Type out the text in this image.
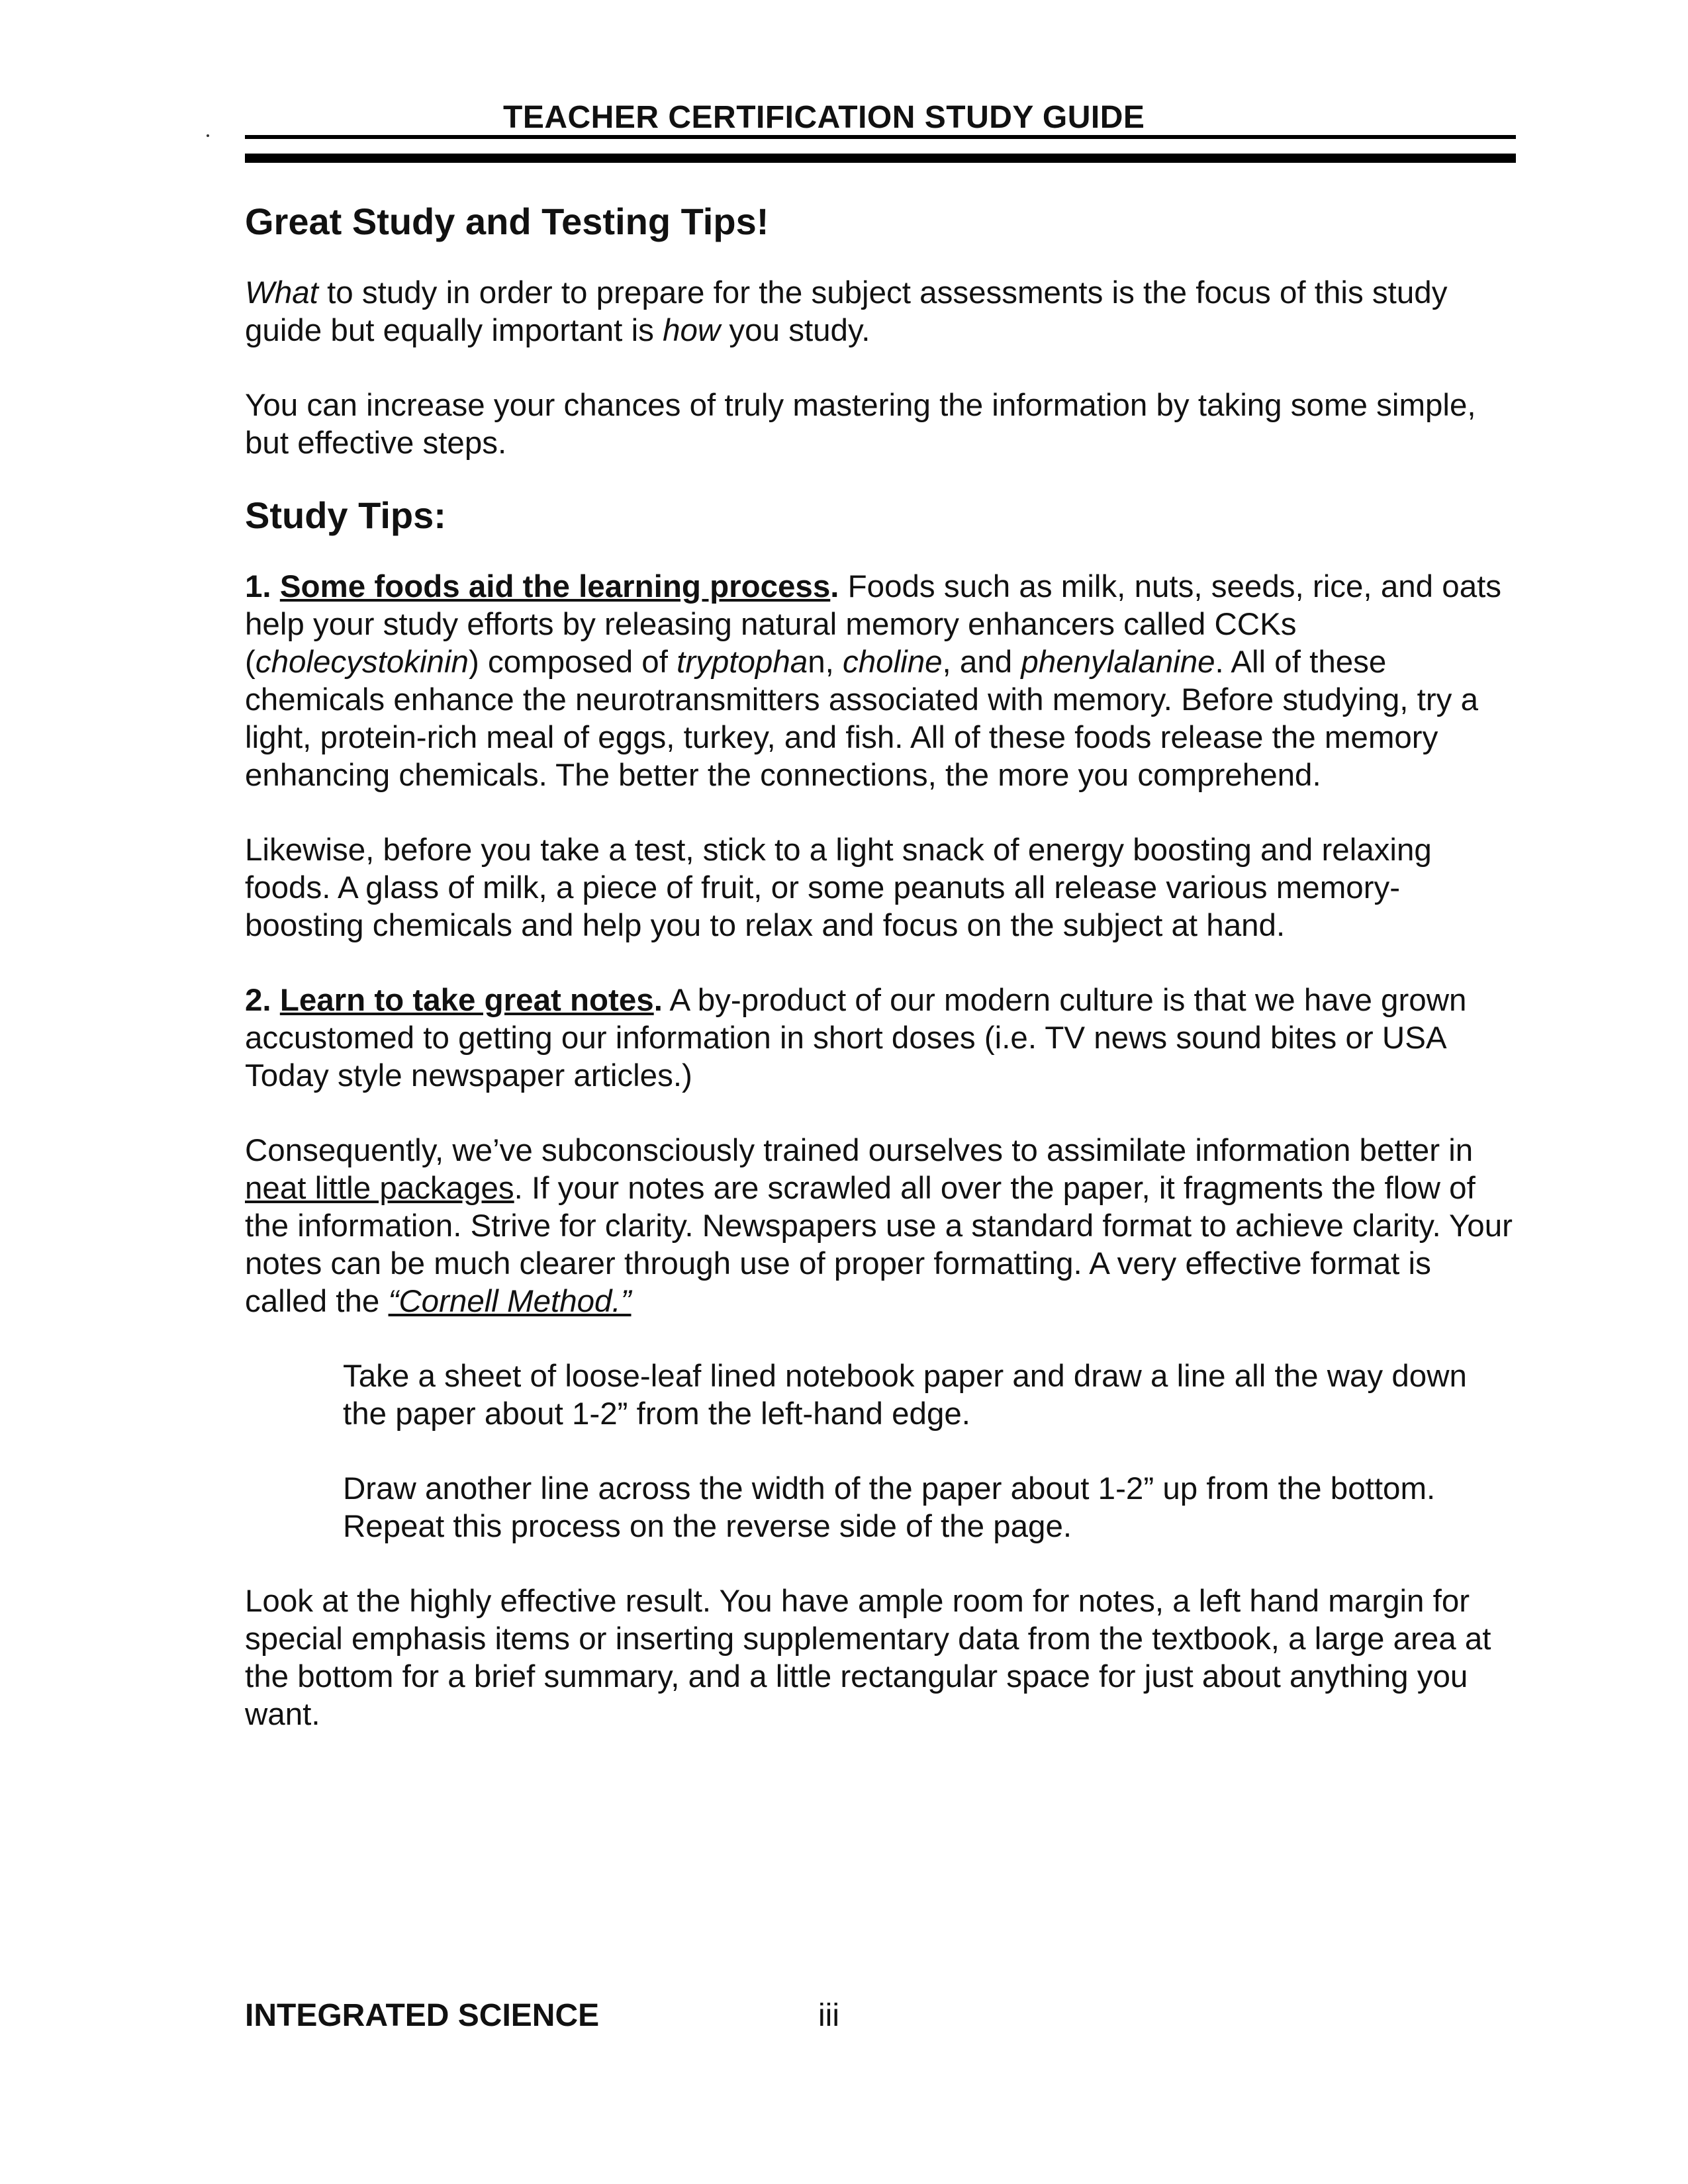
TEACHER CERTIFICATION STUDY GUIDE
Great Study and Testing Tips!

What to study in order to prepare for the subject assessments is the focus of this study guide but equally important is how you study.

You can increase your chances of truly mastering the information by taking some simple, but effective steps.

Study Tips:

1. Some foods aid the learning process. Foods such as milk, nuts, seeds, rice, and oats help your study efforts by releasing natural memory enhancers called CCKs (cholecystokinin) composed of tryptophan, choline, and phenylalanine. All of these chemicals enhance the neurotransmitters associated with memory. Before studying, try a light, protein-rich meal of eggs, turkey, and fish. All of these foods release the memory enhancing chemicals. The better the connections, the more you comprehend.

Likewise, before you take a test, stick to a light snack of energy boosting and relaxing foods. A glass of milk, a piece of fruit, or some peanuts all release various memory-boosting chemicals and help you to relax and focus on the subject at hand.

2. Learn to take great notes. A by-product of our modern culture is that we have grown accustomed to getting our information in short doses (i.e. TV news sound bites or USA Today style newspaper articles.)

Consequently, we’ve subconsciously trained ourselves to assimilate information better in neat little packages. If your notes are scrawled all over the paper, it fragments the flow of the information. Strive for clarity. Newspapers use a standard format to achieve clarity. Your notes can be much clearer through use of proper formatting. A very effective format is called the “Cornell Method.”

Take a sheet of loose-leaf lined notebook paper and draw a line all the way down the paper about 1-2” from the left-hand edge.

Draw another line across the width of the paper about 1-2” up from the bottom. Repeat this process on the reverse side of the page.

Look at the highly effective result. You have ample room for notes, a left hand margin for special emphasis items or inserting supplementary data from the textbook, a large area at the bottom for a brief summary, and a little rectangular space for just about anything you want.

INTEGRATED SCIENCE	iii
